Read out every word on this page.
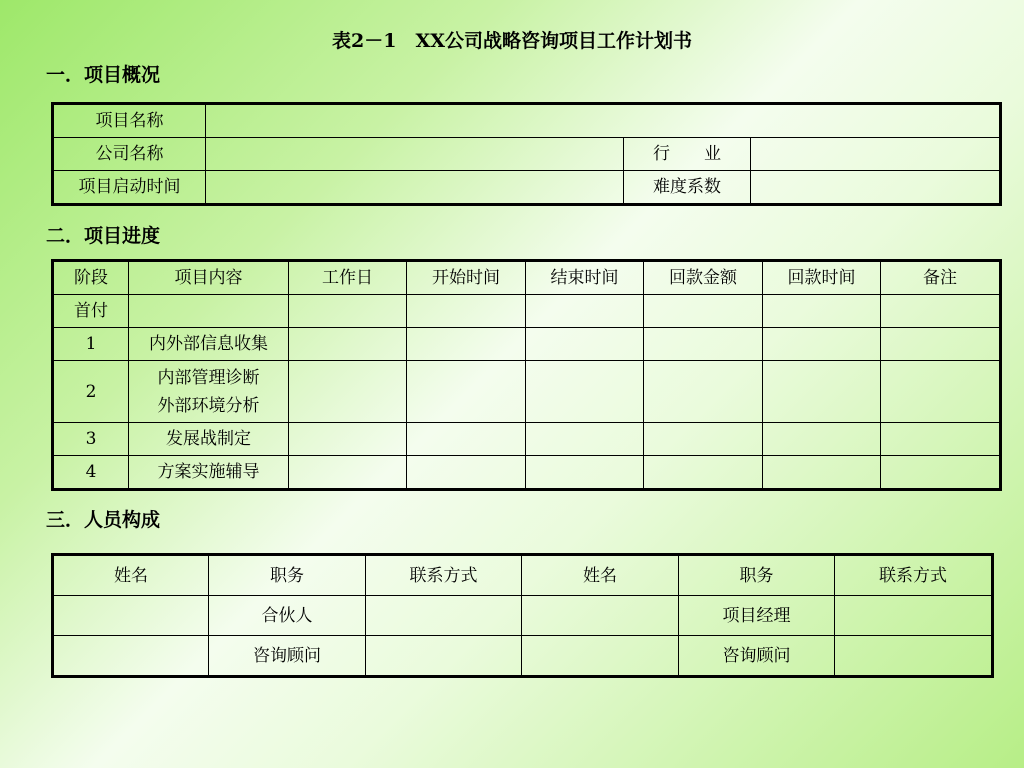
表2－1　XX公司战略咨询项目工作计划书
一．项目概况
项目名称			
公司名称		行　　业	
项目启动时间		难度系数	
二．项目进度
阶段	项目内容	工作日	开始时间	结束时间	回款金额	回款时间	备注
首付							
1	内外部信息收集						
2	内部管理诊断
外部环境分析						

3	发展战制定						
4	方案实施辅导						
三．人员构成
姓名	职务	联系方式	姓名	职务	联系方式
	合伙人			项目经理	
	咨询顾问			咨询顾问	
